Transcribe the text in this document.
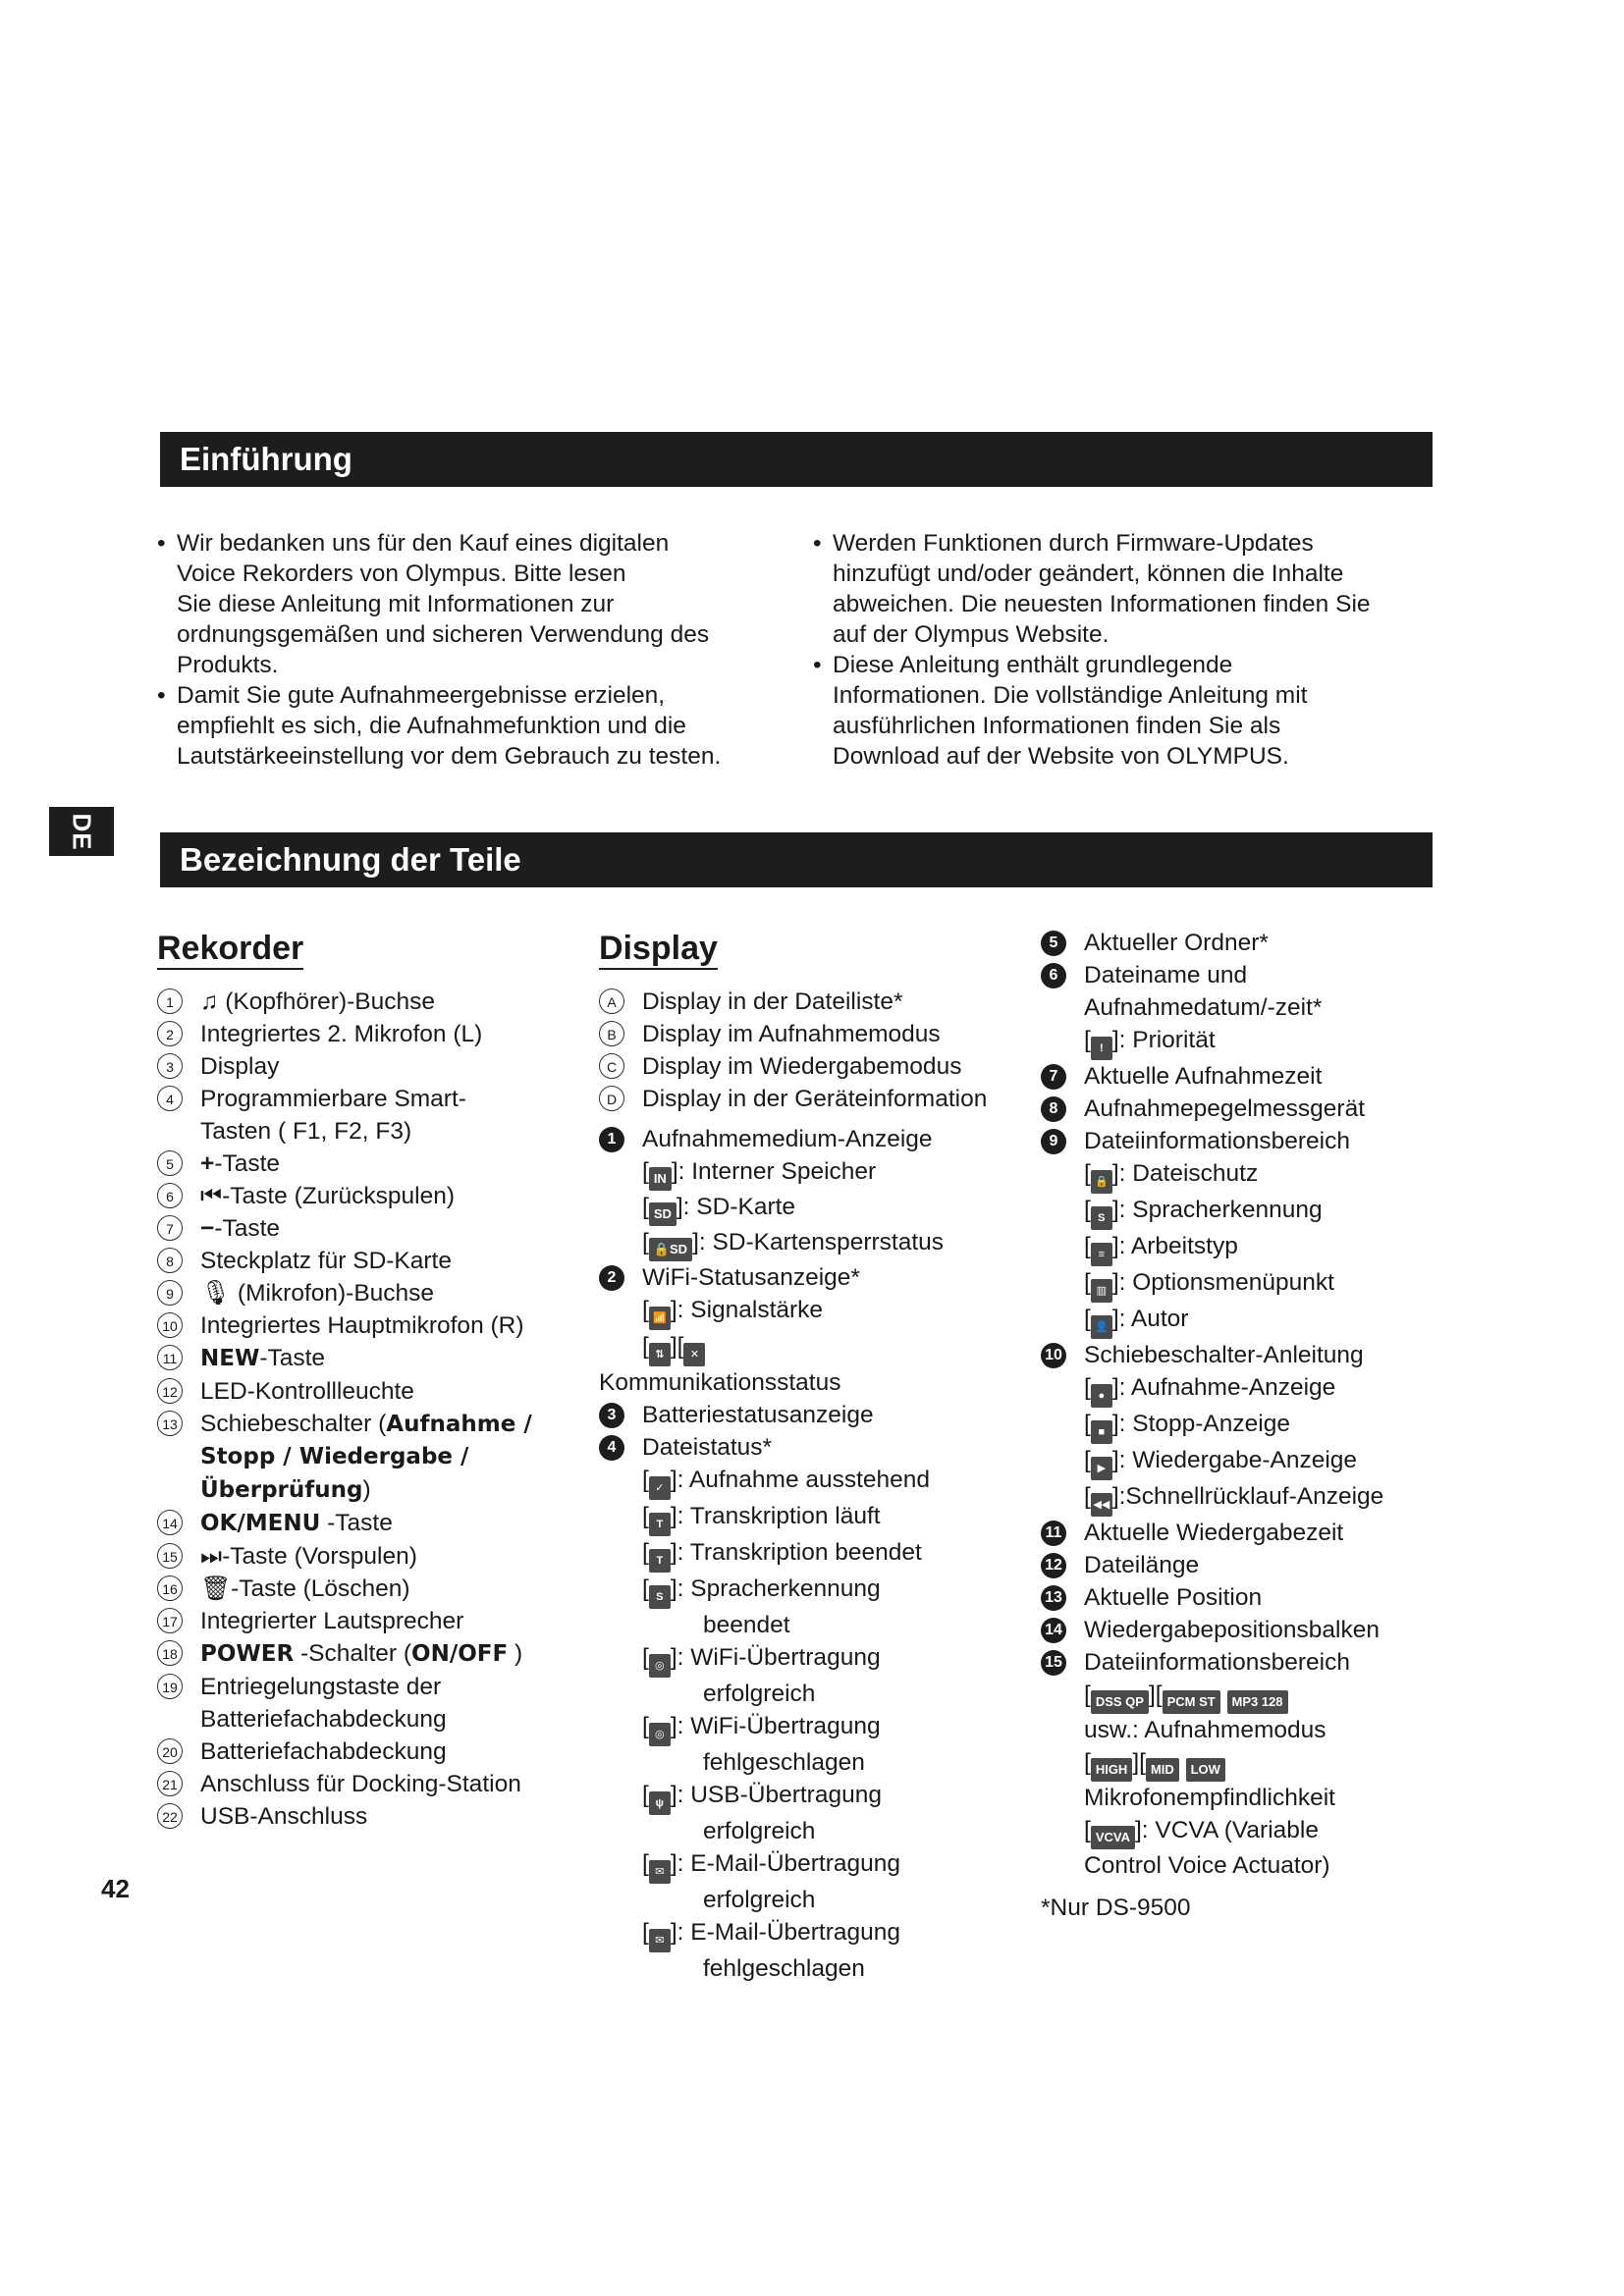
Einführung
• Wir bedanken uns für den Kauf eines digitalen
Voice Rekorders von Olympus. Bitte lesen
Sie diese Anleitung mit Informationen zur
ordnungsgemäßen und sicheren Verwendung des
Produkts.
• Damit Sie gute Aufnahmeergebnisse erzielen,
empfiehlt es sich, die Aufnahmefunktion und die
Lautstärkeeinstellung vor dem Gebrauch zu testen.
• Werden Funktionen durch Firmware-Updates
hinzufügt und/oder geändert, können die Inhalte
abweichen. Die neuesten Informationen finden Sie
auf der Olympus Website.
• Diese Anleitung enthält grundlegende
Informationen. Die vollständige Anleitung mit
ausführlichen Informationen finden Sie als
Download auf der Website von OLYMPUS.
DE
Bezeichnung der Teile
Rekorder
1	♫ (Kopfhörer)-Buchse
2	Integriertes 2. Mikrofon (L)
3	Display
4	Programmierbare Smart-
Tasten ( F1, F2, F3)
5	+-Taste
6	⏮-Taste (Zurückspulen)
7	−-Taste
8	Steckplatz für SD-Karte
9	🎙 (Mikrofon)-Buchse
10 Integriertes Hauptmikrofon (R)
11 NEW-Taste
12 LED-Kontrollleuchte
13 Schiebeschalter (Aufnahme /
Stopp / Wiedergabe /
Überprüfung)
14 OK/MENU -Taste
15 ⏭-Taste (Vorspulen)
16 🗑-Taste (Löschen)
17 Integrierter Lautsprecher
18 POWER -Schalter (ON/OFF )
19 Entriegelungstaste der
Batteriefachabdeckung
20 Batteriefachabdeckung
21 Anschluss für Docking-Station
22 USB-Anschluss
Display
A	Display in der Dateiliste*
B	Display im Aufnahmemodus
C	Display im Wiedergabemodus
D	Display in der Geräteinformation
1	Aufnahmemedium-Anzeige
[ IN ]: Interner Speicher
[ SD ]: SD-Karte
[ 🔒SD ]: SD-Kartensperrstatus
2	WiFi-Statusanzeige*
[ 📶 ]: Signalstärke
[ ⇅ ][ ✕
Kommunikationsstatus
3	Batteriestatusanzeige
4	Dateistatus*
[ ✓ ]: Aufnahme ausstehend
[ T ]: Transkription läuft
[ T ]: Transkription beendet
[ S ]: Spracherkennung
beendet
[ ◎ ]: WiFi-Übertragung
erfolgreich
[ ◎ ]: WiFi-Übertragung
fehlgeschlagen
[ ψ ]: USB-Übertragung
erfolgreich
[ ✉ ]: E-Mail-Übertragung
erfolgreich
[ ✉ ]: E-Mail-Übertragung
fehlgeschlagen
5	Aktueller Ordner*
6	Dateiname und
Aufnahmedatum/-zeit*
[ ! ]: Priorität
7	Aktuelle Aufnahmezeit
8	Aufnahmepegelmessgerät
9	Dateiinformationsbereich
[ 🔒 ]: Dateischutz
[ S ]: Spracherkennung
[ ≡ ]: Arbeitstyp
[ ▥ ]: Optionsmenüpunkt
[ 👤 ]: Autor
10 Schiebeschalter-Anleitung
[ ● ]: Aufnahme-Anzeige
[ ■ ]: Stopp-Anzeige
[ ▶ ]: Wiedergabe-Anzeige
[ ◀◀ ]:Schnellrücklauf-Anzeige
11 Aktuelle Wiedergabezeit
12 Dateilänge
13 Aktuelle Position
14 Wiedergabepositionsbalken
15 Dateiinformationsbereich
[ DSS QP ][ PCM ST MP3 128
usw.: Aufnahmemodus
[ HIGH ][ MID LOW
Mikrofonempfindlichkeit
[ VCVA ]: VCVA (Variable
Control Voice Actuator)
*Nur DS-9500
42
